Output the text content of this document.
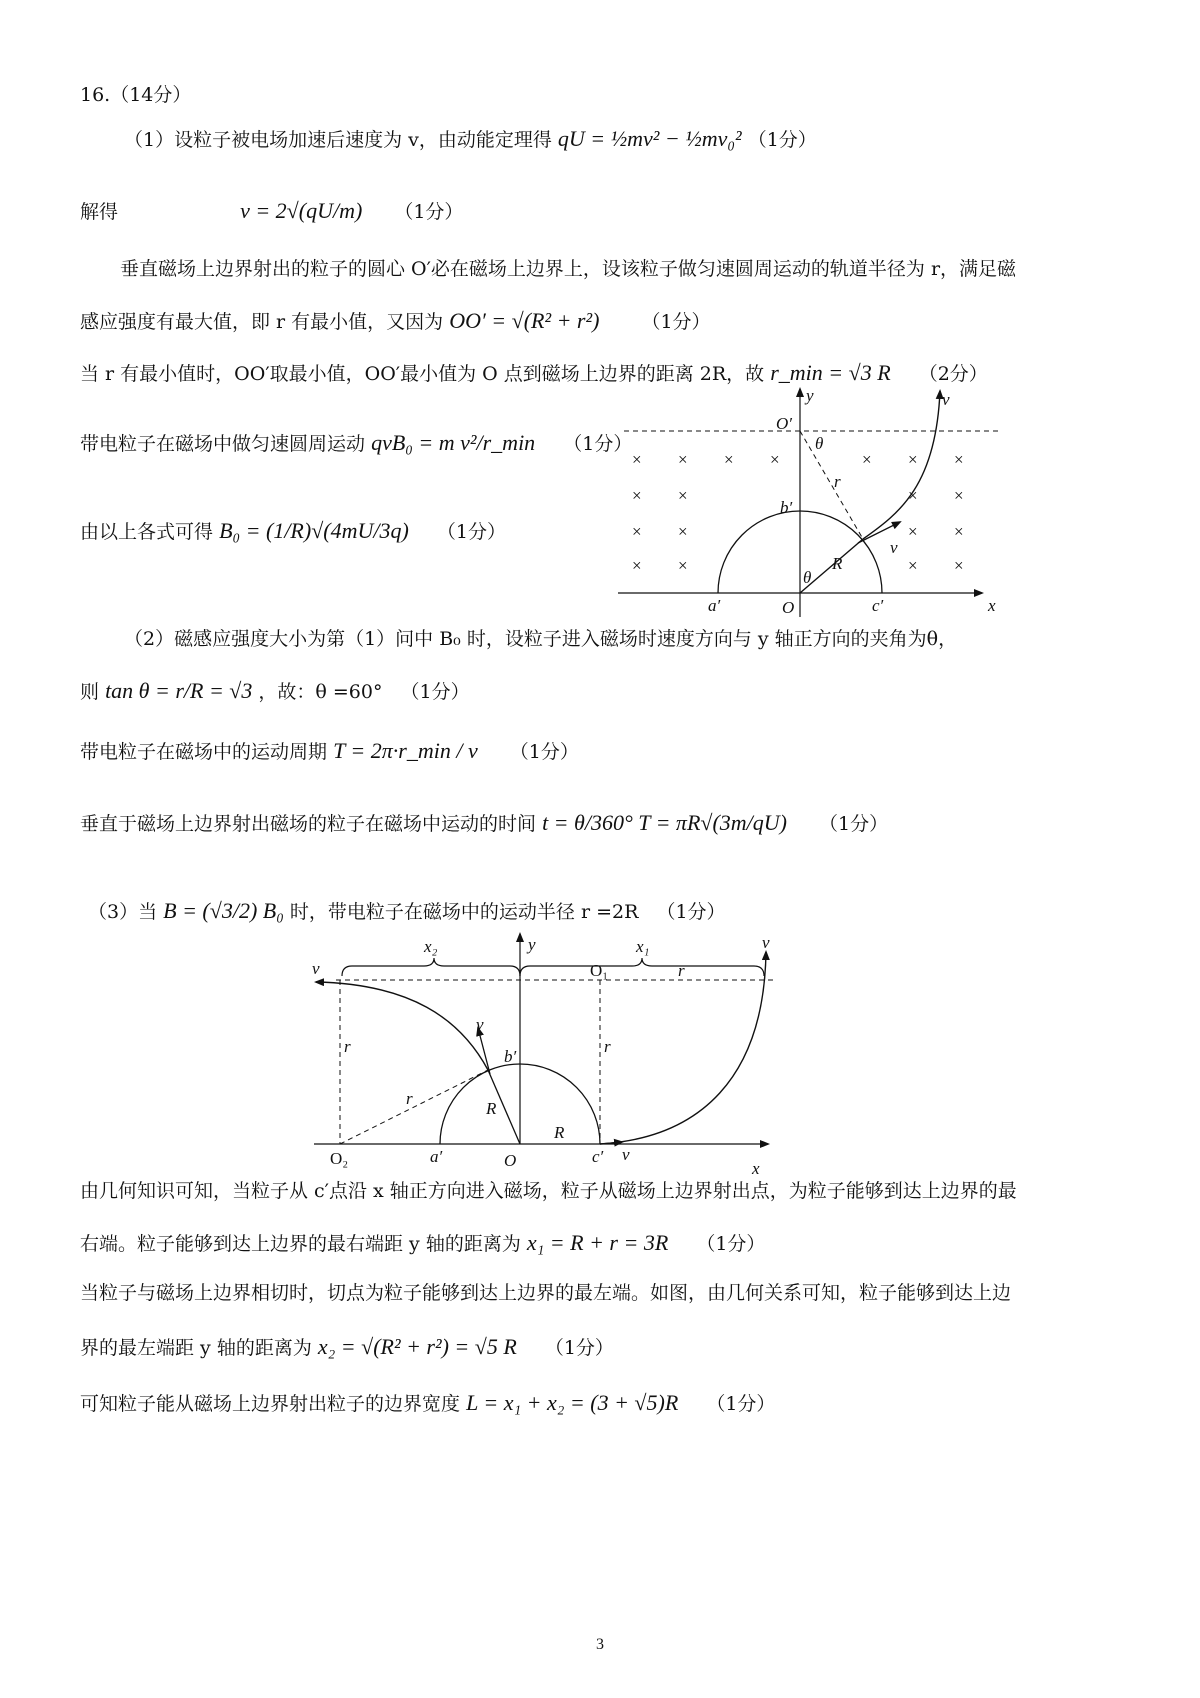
16.（14分）
（1）设粒子被电场加速后速度为 v，由动能定理得 qU = ½mv² − ½mv₀² （1分）
解得	v = 2√(qU/m) （1分）
垂直磁场上边界射出的粒子的圆心 O′必在磁场上边界上，设该粒子做匀速圆周运动的轨道半径为 r，满足磁
感应强度有最大值，即 r 有最小值，又因为 OO′ = √(R² + r²) （1分）
当 r 有最小值时，OO′取最小值，OO′最小值为 O 点到磁场上边界的距离 2R，故 r_min = √3 R （2分）
带电粒子在磁场中做匀速圆周运动 qvB₀ = m v²/r_min （1分）
由以上各式可得 B₀ = (1/R)√(4mU/3q) （1分）
× × × ×	× × ×
× ×	× ×
× ×	× ×
× ×	× ×
O′
θ
r
b′
R
v
v
θ
a′	O	c′	x
y
（2）磁感应强度大小为第（1）问中 B₀ 时，设粒子进入磁场时速度方向与 y 轴正方向的夹角为θ，
则 tan θ = r/R = √3 ，故：θ =60° （1分）
带电粒子在磁场中的运动周期 T = 2π·r_min / v （1分）
垂直于磁场上边界射出磁场的粒子在磁场中运动的时间 t = θ/360° T = πR√(3m/qU) （1分）
（3）当 B = (√3/2) B₀ 时，带电粒子在磁场中的运动半径 r =2R （1分）
x₂	x₁
y
O₁	r
v
v
v
r
b′
r
r
R
R
O₂	a′	O	c′ v
x
由几何知识可知，当粒子从 c′点沿 x 轴正方向进入磁场，粒子从磁场上边界射出点，为粒子能够到达上边界的最
右端。粒子能够到达上边界的最右端距 y 轴的距离为 x₁ = R + r = 3R （1分）
当粒子与磁场上边界相切时，切点为粒子能够到达上边界的最左端。如图，由几何关系可知，粒子能够到达上边
界的最左端距 y 轴的距离为 x₂ = √(R² + r²) = √5 R （1分）
可知粒子能从磁场上边界射出粒子的边界宽度 L = x₁ + x₂ = (3 + √5)R （1分）
3
